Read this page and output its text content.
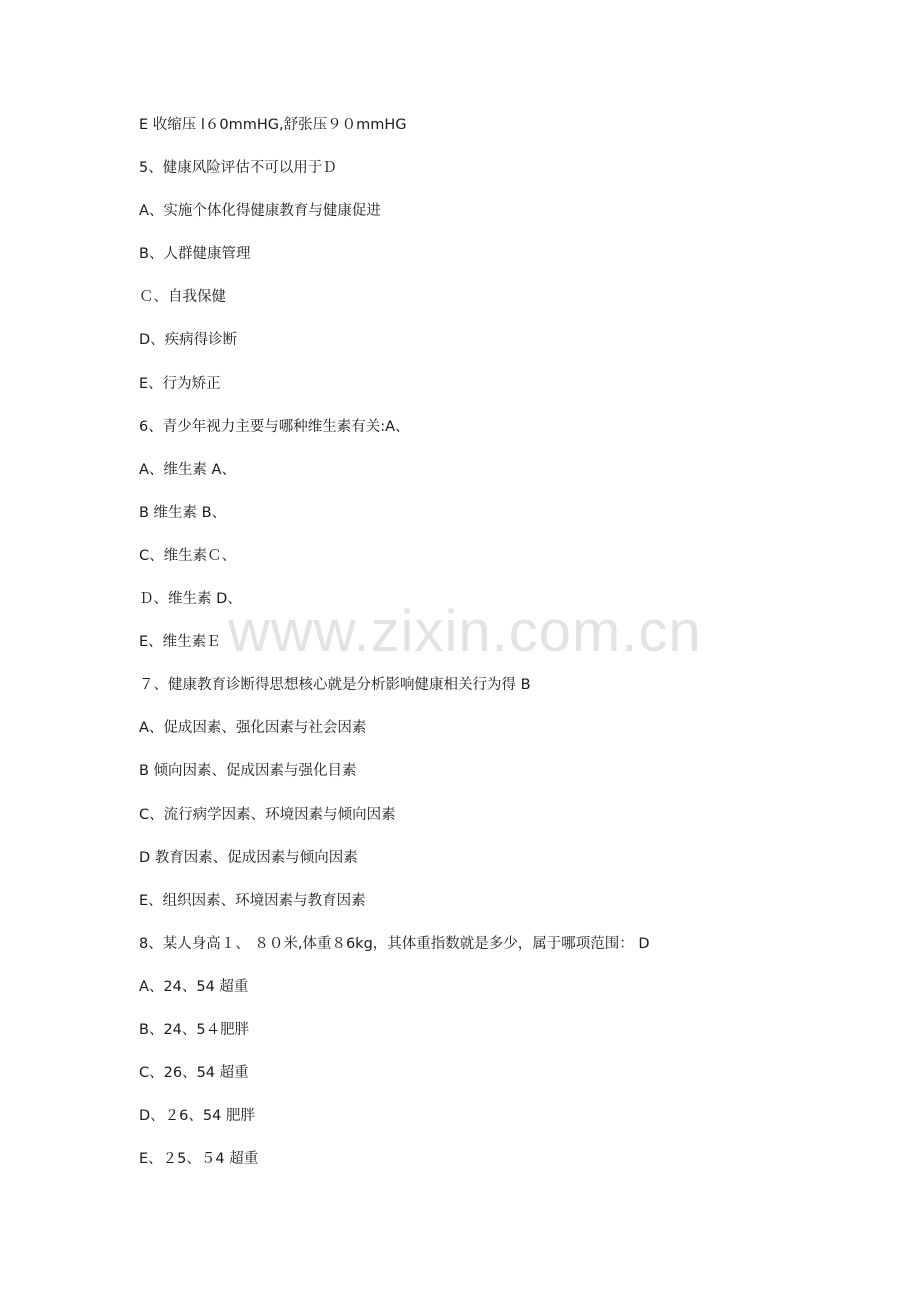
E 收缩压 l６0mmHG,舒张压９０mmHG
5、健康风险评估不可以用于Ｄ
A、实施个体化得健康教育与健康促进
B、人群健康管理
Ｃ、自我保健
D、疾病得诊断
E、行为矫正
6、青少年视力主要与哪种维生素有关:A、
A、维生素 A、
B 维生素 B、
C、维生素Ｃ、
Ｄ、维生素 D、
E、维生素Ｅ
７、健康教育诊断得思想核心就是分析影响健康相关行为得 B
A、促成因素、强化因素与社会因素
B 倾向因素、促成因素与强化目素
C、流行病学因素、环境因素与倾向因素
D 教育因素、促成因素与倾向因素
E、组织因素、环境因素与教育因素
8、某人身高１、 ８０米,体重８6kg，其体重指数就是多少，属于哪项范围： D
A、24、54 超重
B、24、5４肥胖
C、26、54 超重
D、２6、54 肥胖
E、２5、５4 超重
www.zixin.com.cn
